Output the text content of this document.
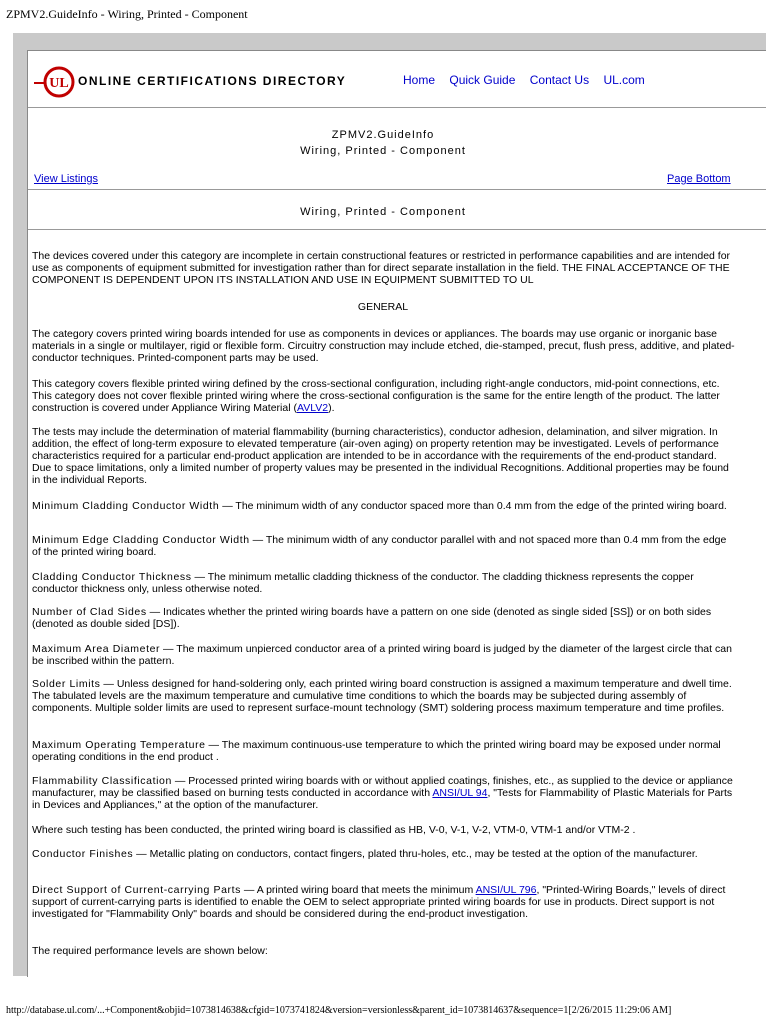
ZPMV2.GuideInfo - Wiring, Printed - Component
UL ONLINE CERTIFICATIONS DIRECTORY	Home Quick Guide Contact Us UL.com
ZPMV2.GuideInfo
Wiring, Printed - Component
View Listings	Page Bottom
Wiring, Printed - Component
The devices covered under this category are incomplete in certain constructional features or restricted in performance capabilities and are intended for use as components of equipment submitted for investigation rather than for direct separate installation in the field. THE FINAL ACCEPTANCE OF THE COMPONENT IS DEPENDENT UPON ITS INSTALLATION AND USE IN EQUIPMENT SUBMITTED TO UL
GENERAL
The category covers printed wiring boards intended for use as components in devices or appliances. The boards may use organic or inorganic base materials in a single or multilayer, rigid or flexible form. Circuitry construction may include etched, die-stamped, precut, flush press, additive, and plated-conductor techniques. Printed-component parts may be used.
This category covers flexible printed wiring defined by the cross-sectional configuration, including right-angle conductors, mid-point connections, etc. This category does not cover flexible printed wiring where the cross-sectional configuration is the same for the entire length of the product. The latter construction is covered under Appliance Wiring Material (AVLV2).
The tests may include the determination of material flammability (burning characteristics), conductor adhesion, delamination, and silver migration. In addition, the effect of long-term exposure to elevated temperature (air-oven aging) on property retention may be investigated. Levels of performance characteristics required for a particular end-product application are intended to be in accordance with the requirements of the end-product standard. Due to space limitations, only a limited number of property values may be presented in the individual Recognitions. Additional properties may be found in the individual Reports.
Minimum Cladding Conductor Width — The minimum width of any conductor spaced more than 0.4 mm from the edge of the printed wiring board.
Minimum Edge Cladding Conductor Width — The minimum width of any conductor parallel with and not spaced more than 0.4 mm from the edge of the printed wiring board.
Cladding Conductor Thickness — The minimum metallic cladding thickness of the conductor. The cladding thickness represents the copper conductor thickness only, unless otherwise noted.
Number of Clad Sides — Indicates whether the printed wiring boards have a pattern on one side (denoted as single sided [SS]) or on both sides (denoted as double sided [DS]).
Maximum Area Diameter — The maximum unpierced conductor area of a printed wiring board is judged by the diameter of the largest circle that can be inscribed within the pattern.
Solder Limits — Unless designed for hand-soldering only, each printed wiring board construction is assigned a maximum temperature and dwell time. The tabulated levels are the maximum temperature and cumulative time conditions to which the boards may be subjected during assembly of components. Multiple solder limits are used to represent surface-mount technology (SMT) soldering process maximum temperature and time profiles.
Maximum Operating Temperature — The maximum continuous-use temperature to which the printed wiring board may be exposed under normal operating conditions in the end product .
Flammability Classification — Processed printed wiring boards with or without applied coatings, finishes, etc., as supplied to the device or appliance manufacturer, may be classified based on burning tests conducted in accordance with ANSI/UL 94, "Tests for Flammability of Plastic Materials for Parts in Devices and Appliances," at the option of the manufacturer.
Where such testing has been conducted, the printed wiring board is classified as HB, V-0, V-1, V-2, VTM-0, VTM-1 and/or VTM-2 .
Conductor Finishes — Metallic plating on conductors, contact fingers, plated thru-holes, etc., may be tested at the option of the manufacturer.
Direct Support of Current-carrying Parts — A printed wiring board that meets the minimum ANSI/UL 796, "Printed-Wiring Boards," levels of direct support of current-carrying parts is identified to enable the OEM to select appropriate printed wiring boards for use in products. Direct support is not investigated for "Flammability Only" boards and should be considered during the end-product investigation.
The required performance levels are shown below:
http://database.ul.com/...+Component&objid=1073814638&cfgid=1073741824&version=versionless&parent_id=1073814637&sequence=1[2/26/2015 11:29:06 AM]
